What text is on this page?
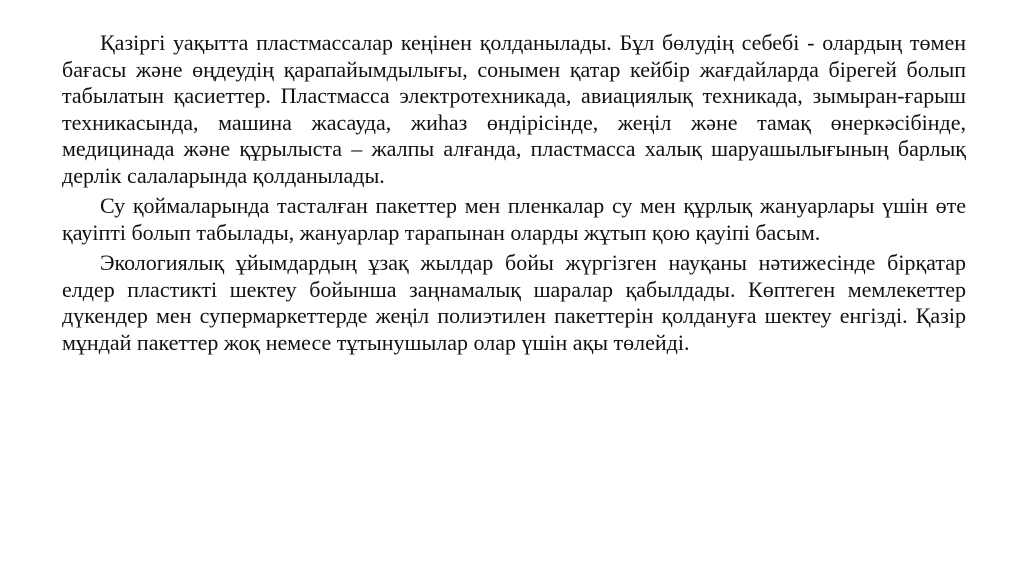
Қазіргі уақытта пластмассалар кеңінен қолданылады. Бұл бөлудің себебі - олардың төмен бағасы және өңдеудің қарапайымдылығы, сонымен қатар кейбір жағдайларда бірегей болып табылатын қасиеттер. Пластмасса электротехникада, авиациялық техникада, зымыран-ғарыш техникасында, машина жасауда, жиһаз өндірісінде, жеңіл және тамақ өнеркәсібінде, медицинада және құрылыста – жалпы алғанда, пластмасса халық шаруашылығының барлық дерлік салаларында қолданылады.

Су қоймаларында тасталған пакеттер мен пленкалар су мен құрлық жануарлары үшін өте қауіпті болып табылады, жануарлар тарапынан оларды жұтып қою қауіпі басым.

Экологиялық ұйымдардың ұзақ жылдар бойы жүргізген науқаны нәтижесінде бірқатар елдер пластикті шектеу бойынша заңнамалық шаралар қабылдады. Көптеген мемлекеттер дүкендер мен супермаркеттерде жеңіл полиэтилен пакеттерін қолдануға шектеу енгізді. Қазір мұндай пакеттер жоқ немесе тұтынушылар олар үшін ақы төлейді.
